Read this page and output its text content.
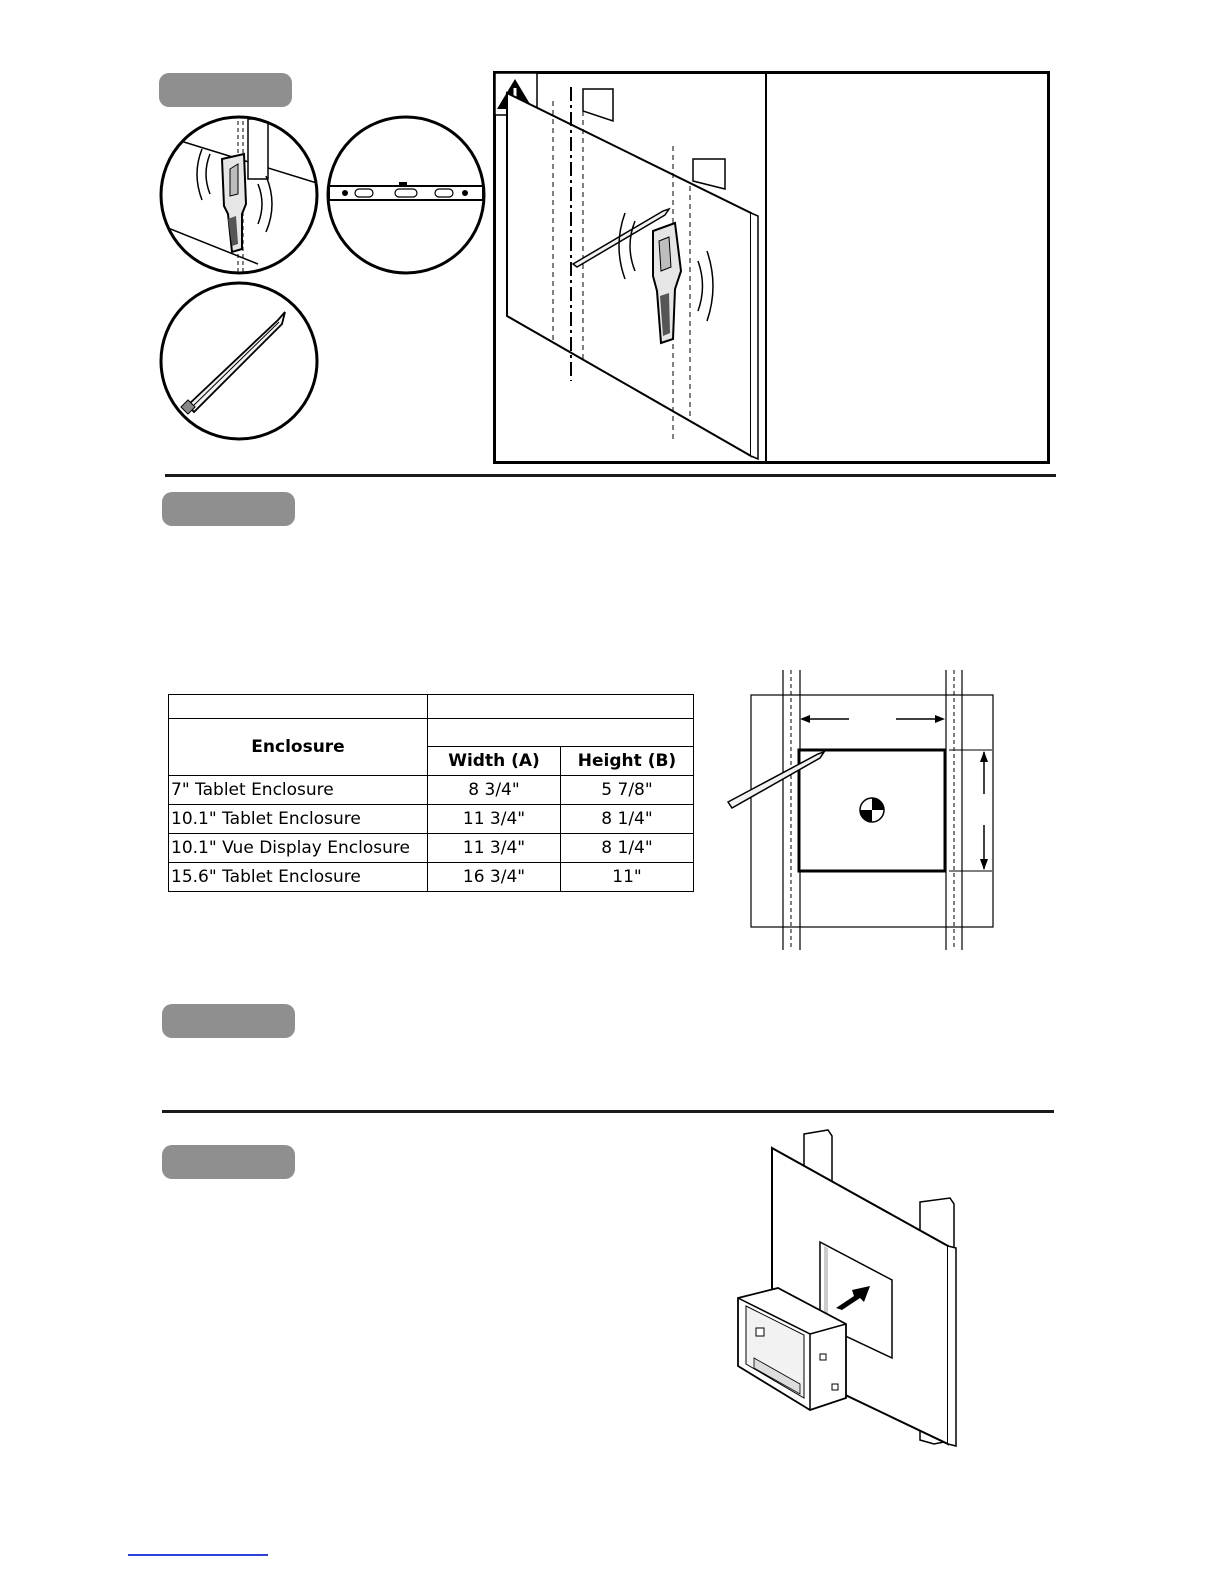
Enclosure		
	Width (A)	Height (B)
7" Tablet Enclosure	8 3/4"	5 7/8"
10.1" Tablet Enclosure	11 3/4"	8 1/4"
10.1" Vue Display Enclosure	11 3/4"	8 1/4"
15.6" Tablet Enclosure	16 3/4"	11"
